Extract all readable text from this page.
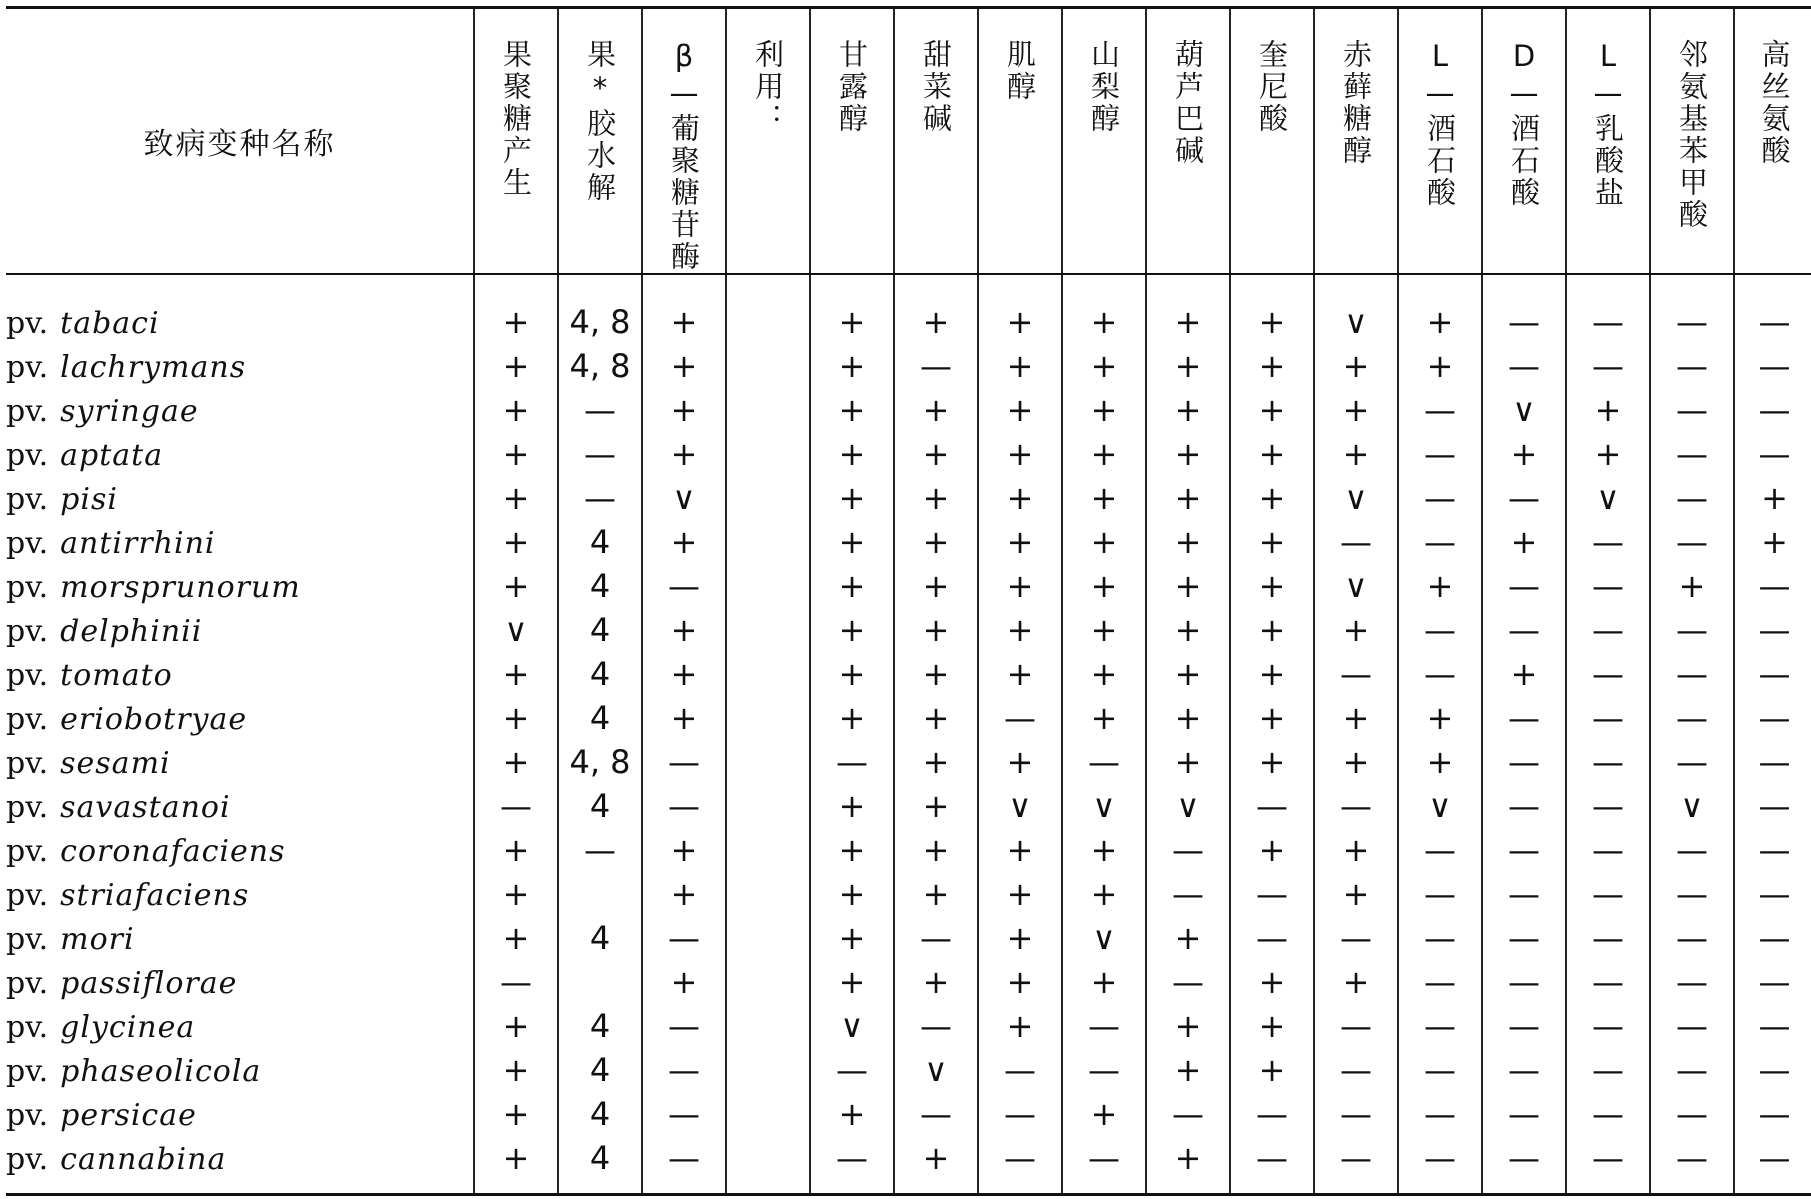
致病变种名称	果聚糖产生	果*胶水解	β—葡聚糖苷酶	利用：	甘露醇	甜菜碱	肌醇	山梨醇	葫芦巴碱	奎尼酸	赤藓糖醇	L—酒石酸	D—酒石酸	L—乳酸盐	邻氨基苯甲酸	高丝氨酸

pv. tabaci	+	4, 8	+		+	+	+	+	+	+	∨	+	—	—	—	—
pv. lachrymans	+	4, 8	+		+	—	+	+	+	+	+	+	—	—	—	—
pv. syringae	+	—	+		+	+	+	+	+	+	+	—	∨	+	—	—
pv. aptata	+	—	+		+	+	+	+	+	+	+	—	+	+	—	—
pv. pisi	+	—	∨		+	+	+	+	+	+	∨	—	—	∨	—	+
pv. antirrhini	+	4	+		+	+	+	+	+	+	—	—	+	—	—	+
pv. morsprunorum	+	4	—		+	+	+	+	+	+	∨	+	—	—	+	—
pv. delphinii	∨	4	+		+	+	+	+	+	+	+	—	—	—	—	—
pv. tomato	+	4	+		+	+	+	+	+	+	—	—	+	—	—	—
pv. eriobotryae	+	4	+		+	+	—	+	+	+	+	+	—	—	—	—
pv. sesami	+	4, 8	—		—	+	+	—	+	+	+	+	—	—	—	—
pv. savastanoi	—	4	—		+	+	∨	∨	∨	—	—	∨	—	—	∨	—
pv. coronafaciens	+	—	+		+	+	+	+	—	+	+	—	—	—	—	—
pv. striafaciens	+		+		+	+	+	+	—	—	+	—	—	—	—	—
pv. mori	+	4	—		+	—	+	∨	+	—	—	—	—	—	—	—
pv. passiflorae	—		+		+	+	+	+	—	+	+	—	—	—	—	—
pv. glycinea	+	4	—		∨	—	+	—	+	+	—	—	—	—	—	—
pv. phaseolicola	+	4	—		—	∨	—	—	+	+	—	—	—	—	—	—
pv. persicae	+	4	—		+	—	—	+	—	—	—	—	—	—	—	—
pv. cannabina	+	4	—		—	+	—	—	+	—	—	—	—	—	—	—
